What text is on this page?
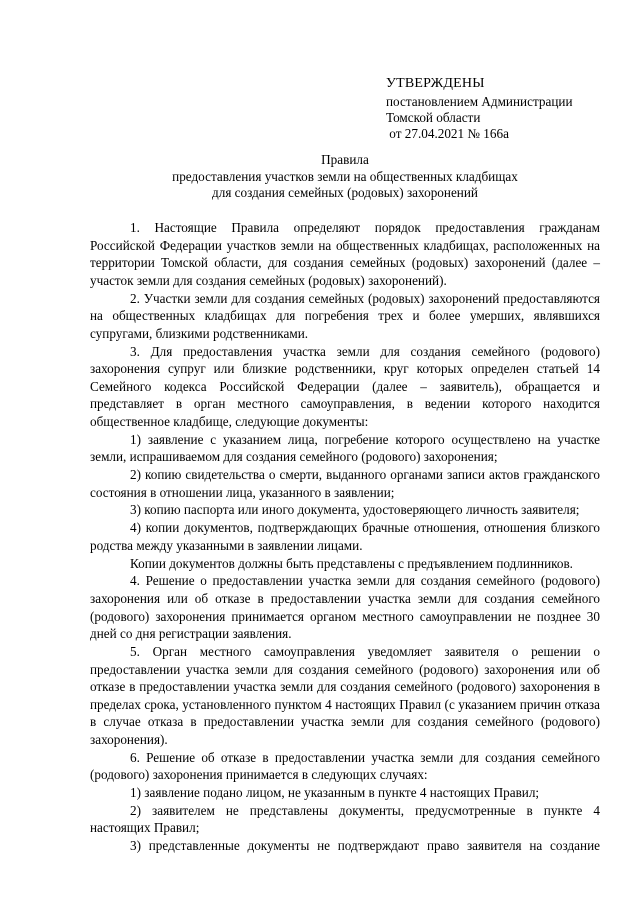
УТВЕРЖДЕНЫ
постановлением Администрации
Томской области
от 27.04.2021 № 166а
Правила
предоставления участков земли на общественных кладбищах
для создания семейных (родовых) захоронений

1. Настоящие Правила определяют порядок предоставления гражданам Российской Федерации участков земли на общественных кладбищах, расположенных на территории Томской области, для создания семейных (родовых) захоронений (далее – участок земли для создания семейных (родовых) захоронений).

2. Участки земли для создания семейных (родовых) захоронений предоставляются на общественных кладбищах для погребения трех и более умерших, являвшихся супругами, близкими родственниками.

3. Для предоставления участка земли для создания семейного (родового) захоронения супруг или близкие родственники, круг которых определен статьей 14 Семейного кодекса Российской Федерации (далее – заявитель), обращается и представляет в орган местного самоуправления, в ведении которого находится общественное кладбище, следующие документы:

1) заявление с указанием лица, погребение которого осуществлено на участке земли, испрашиваемом для создания семейного (родового) захоронения;

2) копию свидетельства о смерти, выданного органами записи актов гражданского состояния в отношении лица, указанного в заявлении;

3) копию паспорта или иного документа, удостоверяющего личность заявителя;

4) копии документов, подтверждающих брачные отношения, отношения близкого родства между указанными в заявлении лицами.

Копии документов должны быть представлены с предъявлением подлинников.

4. Решение о предоставлении участка земли для создания семейного (родового) захоронения или об отказе в предоставлении участка земли для создания семейного (родового) захоронения принимается органом местного самоуправлении не позднее 30 дней со дня регистрации заявления.

5. Орган местного самоуправления уведомляет заявителя о решении о предоставлении участка земли для создания семейного (родового) захоронения или об отказе в предоставлении участка земли для создания семейного (родового) захоронения в пределах срока, установленного пунктом 4 настоящих Правил (с указанием причин отказа в случае отказа в предоставлении участка земли для создания семейного (родового) захоронения).

6. Решение об отказе в предоставлении участка земли для создания семейного (родового) захоронения принимается в следующих случаях:

1) заявление подано лицом, не указанным в пункте 4 настоящих Правил;

2) заявителем не представлены документы, предусмотренные в пункте 4 настоящих Правил;

3) представленные документы не подтверждают право заявителя на создание
